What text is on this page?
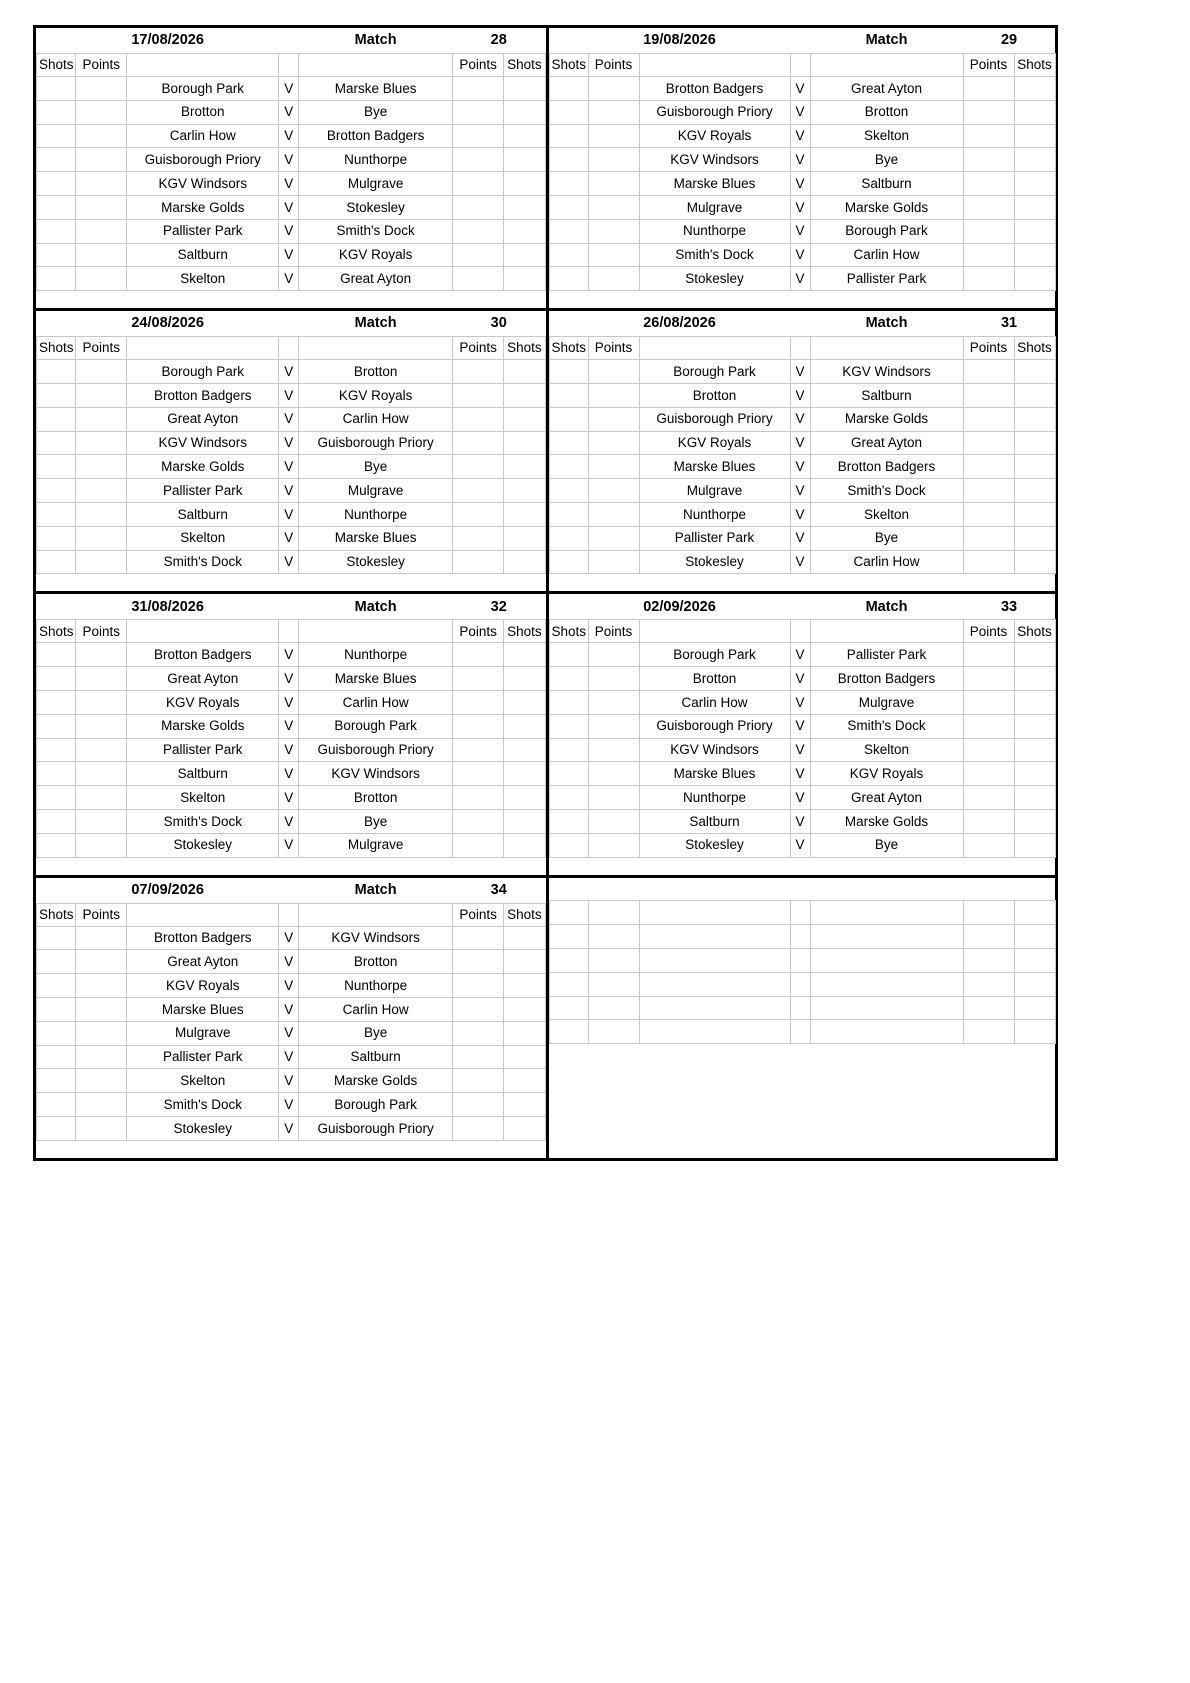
17/08/2026				Match	28	
Shots	Points				Points	Shots
		Borough Park	V	Marske Blues		
		Brotton	V	Bye		
		Carlin How	V	Brotton Badgers		
		Guisborough Priory	V	Nunthorpe		
		KGV Windsors	V	Mulgrave		
		Marske Golds	V	Stokesley		
		Pallister Park	V	Smith's Dock		
		Saltburn	V	KGV Royals		
		Skelton	V	Great Ayton		

19/08/2026				Match	29	
Shots	Points				Points	Shots
		Brotton Badgers	V	Great Ayton		
		Guisborough Priory	V	Brotton		
		KGV Royals	V	Skelton		
		KGV Windsors	V	Bye		
		Marske Blues	V	Saltburn		
		Mulgrave	V	Marske Golds		
		Nunthorpe	V	Borough Park		
		Smith's Dock	V	Carlin How		
		Stokesley	V	Pallister Park		

24/08/2026				Match	30	
Shots	Points				Points	Shots
		Borough Park	V	Brotton		
		Brotton Badgers	V	KGV Royals		
		Great Ayton	V	Carlin How		
		KGV Windsors	V	Guisborough Priory		
		Marske Golds	V	Bye		
		Pallister Park	V	Mulgrave		
		Saltburn	V	Nunthorpe		
		Skelton	V	Marske Blues		
		Smith's Dock	V	Stokesley		

26/08/2026				Match	31	
Shots	Points				Points	Shots
		Borough Park	V	KGV Windsors		
		Brotton	V	Saltburn		
		Guisborough Priory	V	Marske Golds		
		KGV Royals	V	Great Ayton		
		Marske Blues	V	Brotton Badgers		
		Mulgrave	V	Smith's Dock		
		Nunthorpe	V	Skelton		
		Pallister Park	V	Bye		
		Stokesley	V	Carlin How		

31/08/2026				Match	32	
Shots	Points				Points	Shots
		Brotton Badgers	V	Nunthorpe		
		Great Ayton	V	Marske Blues		
		KGV Royals	V	Carlin How		
		Marske Golds	V	Borough Park		
		Pallister Park	V	Guisborough Priory		
		Saltburn	V	KGV Windsors		
		Skelton	V	Brotton		
		Smith's Dock	V	Bye		
		Stokesley	V	Mulgrave		

02/09/2026				Match	33	
Shots	Points				Points	Shots
		Borough Park	V	Pallister Park		
		Brotton	V	Brotton Badgers		
		Carlin How	V	Mulgrave		
		Guisborough Priory	V	Smith's Dock		
		KGV Windsors	V	Skelton		
		Marske Blues	V	KGV Royals		
		Nunthorpe	V	Great Ayton		
		Saltburn	V	Marske Golds		
		Stokesley	V	Bye		

07/09/2026				Match	34	
Shots	Points				Points	Shots
		Brotton Badgers	V	KGV Windsors		
		Great Ayton	V	Brotton		
		KGV Royals	V	Nunthorpe		
		Marske Blues	V	Carlin How		
		Mulgrave	V	Bye		
		Pallister Park	V	Saltburn		
		Skelton	V	Marske Golds		
		Smith's Dock	V	Borough Park		
		Stokesley	V	Guisborough Priory		
